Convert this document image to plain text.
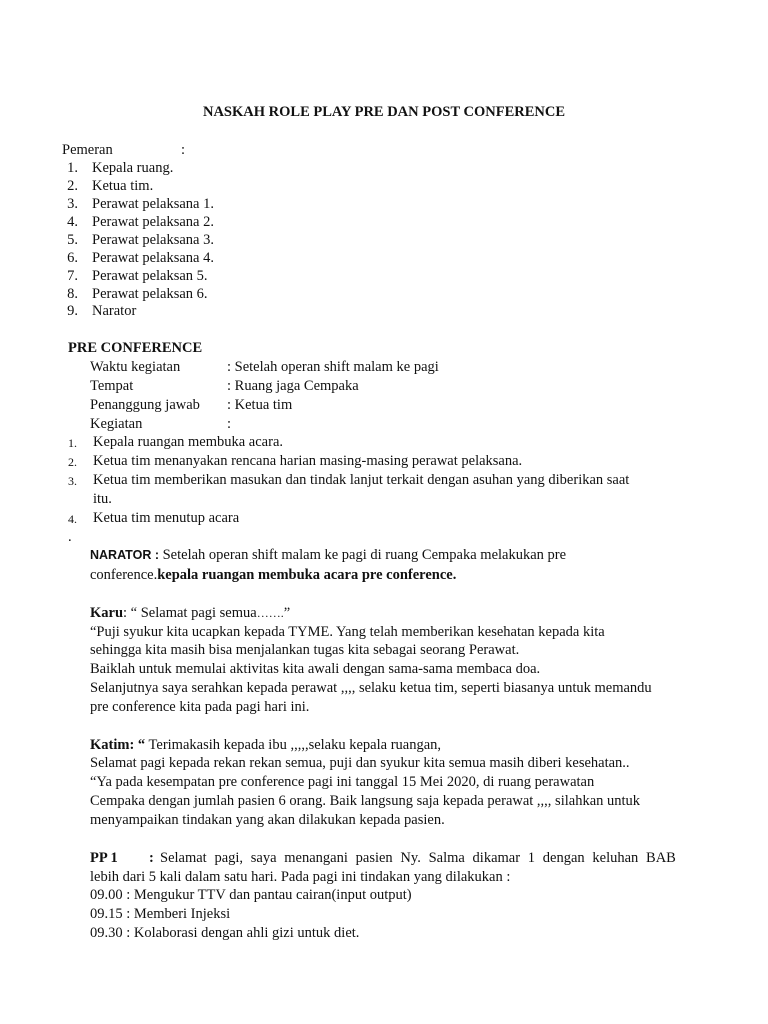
NASKAH ROLE PLAY PRE DAN POST CONFERENCE
Pemeran	:
1. Kepala ruang.
2. Ketua tim.
3. Perawat pelaksana 1.
4. Perawat pelaksana 2.
5. Perawat pelaksana 3.
6. Perawat pelaksana 4.
7. Perawat pelaksan 5.
8. Perawat pelaksan 6.
9. Narator
PRE CONFERENCE
Waktu kegiatan	: Setelah operan shift malam ke pagi
Tempat	: Ruang jaga Cempaka
Penanggung jawab : Ketua tim
Kegiatan	:
1. Kepala ruangan membuka acara.
2. Ketua tim menanyakan rencana harian masing-masing perawat pelaksana.
3. Ketua tim memberikan masukan dan tindak lanjut terkait dengan asuhan yang diberikan saat
itu.
4. Ketua tim menutup acara
.
NARATOR : Setelah operan shift malam ke pagi di ruang Cempaka melakukan pre
conference.kepala ruangan membuka acara pre conference.
Karu: “ Selamat pagi semua…….”
“Puji syukur kita ucapkan kepada TYME. Yang telah memberikan kesehatan kepada kita
sehingga kita masih bisa menjalankan tugas kita sebagai seorang Perawat.
Baiklah untuk memulai aktivitas kita awali dengan sama-sama membaca doa.
Selanjutnya saya serahkan kepada perawat ,,,, selaku ketua tim, seperti biasanya untuk memandu
pre conference kita pada pagi hari ini.
Katim: “ Terimakasih kepada ibu ,,,,,selaku kepala ruangan,
Selamat pagi kepada rekan rekan semua, puji dan syukur kita semua masih diberi kesehatan..
“Ya pada kesempatan pre conference pagi ini tanggal 15 Mei 2020, di ruang perawatan
Cempaka dengan jumlah pasien 6 orang. Baik langsung saja kepada perawat ,,,, silahkan untuk
menyampaikan tindakan yang akan dilakukan kepada pasien.
PP 1 : Selamat pagi, saya menangani pasien Ny. Salma dikamar 1 dengan keluhan BAB
lebih dari 5 kali dalam satu hari. Pada pagi ini tindakan yang dilakukan :
09.00 : Mengukur TTV dan pantau cairan(input output)
09.15 : Memberi Injeksi
09.30 : Kolaborasi dengan ahli gizi untuk diet.
